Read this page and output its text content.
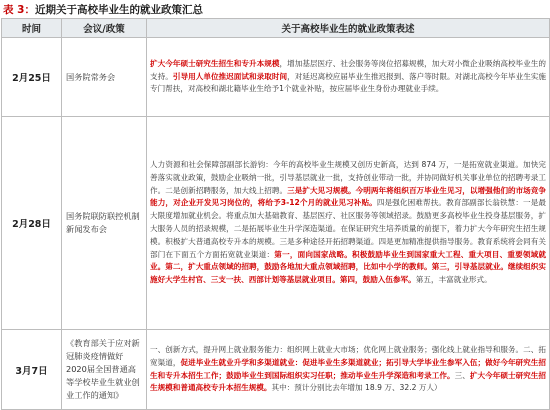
表 3：近期关于高校毕业生的就业政策汇总
时间	会议/政策	关于高校毕业生的就业政策表述
2月25日	国务院常务会	扩大今年硕士研究生招生和专升本规模，增加基层医疗、社会服务等岗位招募规模，加大对小微企业吸纳高校毕业生的支持。引导用人单位推迟面试和录取时间，对延迟离校应届毕业生推迟报到、落户等时限。对湖北高校今年毕业生实施专门帮扶，对高校和湖北籍毕业生给予1个就业补贴，按应届毕业生身份办理就业手续。

2月28日	国务院联防联控机制新闻发布会	人力资源和社会保障部副部长游钧：今年的高校毕业生规模又创历史新高，达到 874 万，一是拓宽就业渠道。加快完善落实就业政策，鼓励企业吸纳一批，引导基层就业一批，支持创业带动一批，并协同做好机关事业单位的招聘考录工作。二是创新招聘服务，加大线上招聘。三是扩大见习规模。今明两年将组织百万毕业生见习，以增强他们的市场竞争能力，对企业开发见习岗位的，将给予3-12个月的就业见习补贴。四是强化困难帮扶。教育部副部长翁铁慧：一是最大限度增加就业机会。将重点加大基础教育、基层医疗、社区服务等领域招录。鼓励更多高校毕业生投身基层服务，扩大服务人员的招录规模，二是拓展毕业生升学深造渠道。在保证研究生培养质量的前提下，着力扩大今年研究生招生规模。积极扩大普通高校专升本的规模。三是多种途径开拓招聘渠道。四是更加精准提供指导服务。教育系统将会同有关部门在下面五个方面拓宽就业渠道：第一，面向国家战略。积极鼓励毕业生到国家重大工程、重大项目、重要领域就业。第二，扩大重点领域的招聘，鼓励各地加大重点领域招聘，比如中小学的教师。第三，引导基层就业。继续组织实施好大学生村官、三支一扶、西部计划等基层就业项目。第四，鼓励入伍参军。第五，丰富就业形式。

3月7日	《教育部关于应对新冠肺炎疫情做好2020届全国普通高等学校毕业生就业创业工作的通知》	一、创新方式，提升网上就业服务能力：组织网上就业大市场；优化网上就业服务；强化线上就业指导和服务。二、拓宽渠道，促进毕业生就业升学和多渠道就业：促进毕业生多渠道就业；拓引导大学毕业生参军入伍；做好今年研究生招生和专升本招生工作；鼓励毕业生到国际组织实习任职；推动毕业生升学深造和考录工作。三、扩大今年硕士研究生招生规模和普通高校专升本招生规模。其中：预计分别比去年增加 18.9 万、32.2 万人）
